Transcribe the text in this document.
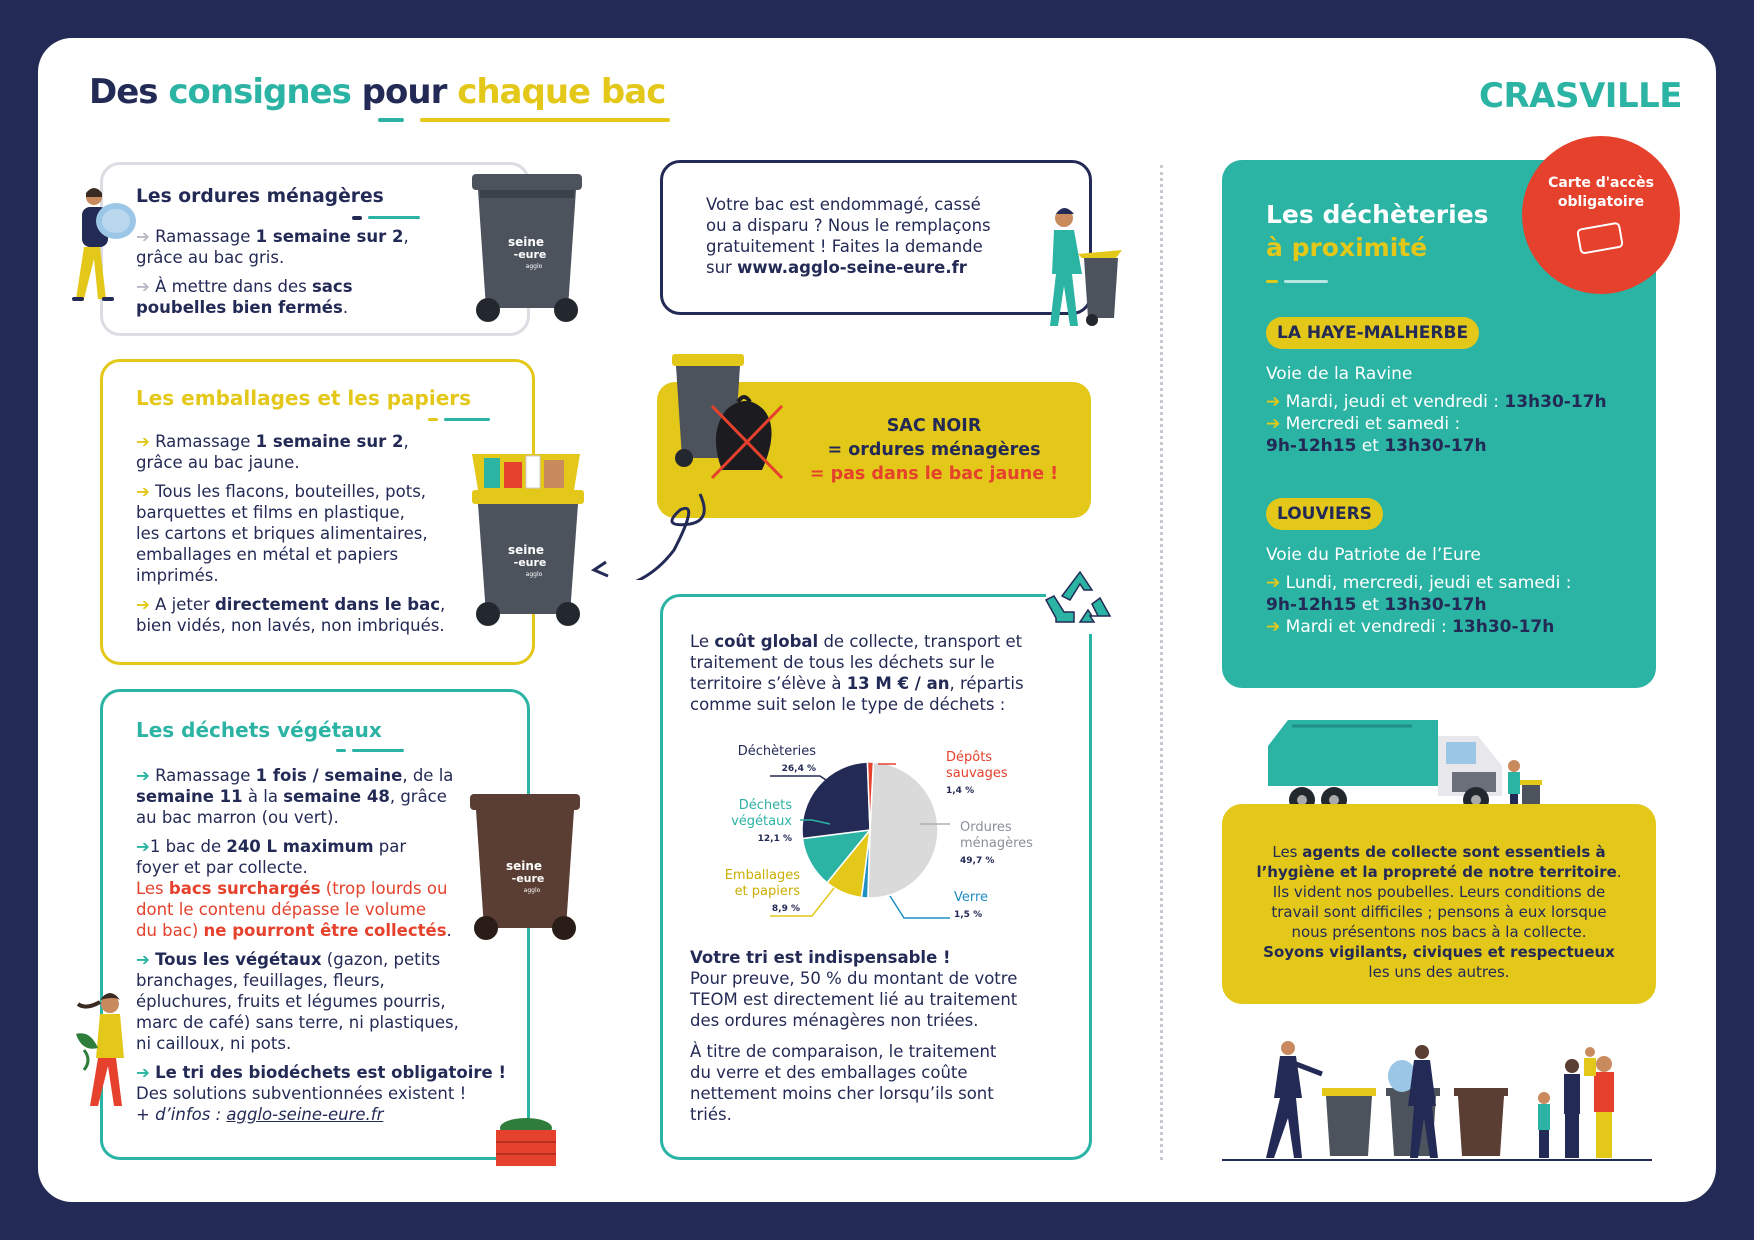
Des consignes pour chaque bac	CRASVILLE
Les ordures ménagères

➔ Ramassage 1 semaine sur 2,
grâce au bac gris.

➔ À mettre dans des sacs
poubelles bien fermés.

seine
-eure
agglo
Les emballages et les papiers

➔ Ramassage 1 semaine sur 2,
grâce au bac jaune.

➔ Tous les flacons, bouteilles, pots,
barquettes et films en plastique,
les cartons et briques alimentaires,
emballages en métal et papiers
imprimés.

➔ A jeter directement dans le bac,
bien vidés, non lavés, non imbriqués.

seine
-eure
agglo
Les déchets végétaux

➔ Ramassage 1 fois / semaine, de la
semaine 11 à la semaine 48, grâce
au bac marron (ou vert).

➔1 bac de 240 L maximum par
foyer et par collecte.
Les bacs surchargés (trop lourds ou
dont le contenu dépasse le volume
du bac) ne pourront être collectés.

➔ Tous les végétaux (gazon, petits
branchages, feuillages, fleurs,
épluchures, fruits et légumes pourris,
marc de café) sans terre, ni plastiques,
ni cailloux, ni pots.

➔ Le tri des biodéchets est obligatoire !
Des solutions subventionnées existent !
+ d’infos : agglo-seine-eure.fr

seine
-eure
agglo
Votre bac est endommagé, cassé
ou a disparu ? Nous le remplaçons
gratuitement ! Faites la demande
sur www.agglo-seine-eure.fr
SAC NOIR
= ordures ménagères
= pas dans le bac jaune !
Le coût global de collecte, transport et
traitement de tous les déchets sur le
territoire s’élève à 13 M € / an, répartis
comme suit selon le type de déchets :
Déchèteries
26,4 %
Dépôts
sauvages
1,4 %
Déchets
végétaux
12,1 %
Ordures
ménagères
49,7 %
Emballages
et papiers
8,9 %
Verre
1,5 %

Votre tri est indispensable !
Pour preuve, 50 % du montant de votre
TEOM est directement lié au traitement
des ordures ménagères non triées.

À titre de comparaison, le traitement
du verre et des emballages coûte
nettement moins cher lorsqu’ils sont
triés.

Les déchèteries
à proximité
Carte d'accès
obligatoire
LA HAYE-MALHERBE
Voie de la Ravine
➔ Mardi, jeudi et vendredi : 13h30-17h
➔ Mercredi et samedi :
9h-12h15 et 13h30-17h
LOUVIERS
Voie du Patriote de l’Eure
➔ Lundi, mercredi, jeudi et samedi :
9h-12h15 et 13h30-17h
➔ Mardi et vendredi : 13h30-17h
Les agents de collecte sont essentiels à
l’hygiène et la propreté de notre territoire.
Ils vident nos poubelles. Leurs conditions de
travail sont difficiles ; pensons à eux lorsque
nous présentons nos bacs à la collecte.
Soyons vigilants, civiques et respectueux
les uns des autres.
